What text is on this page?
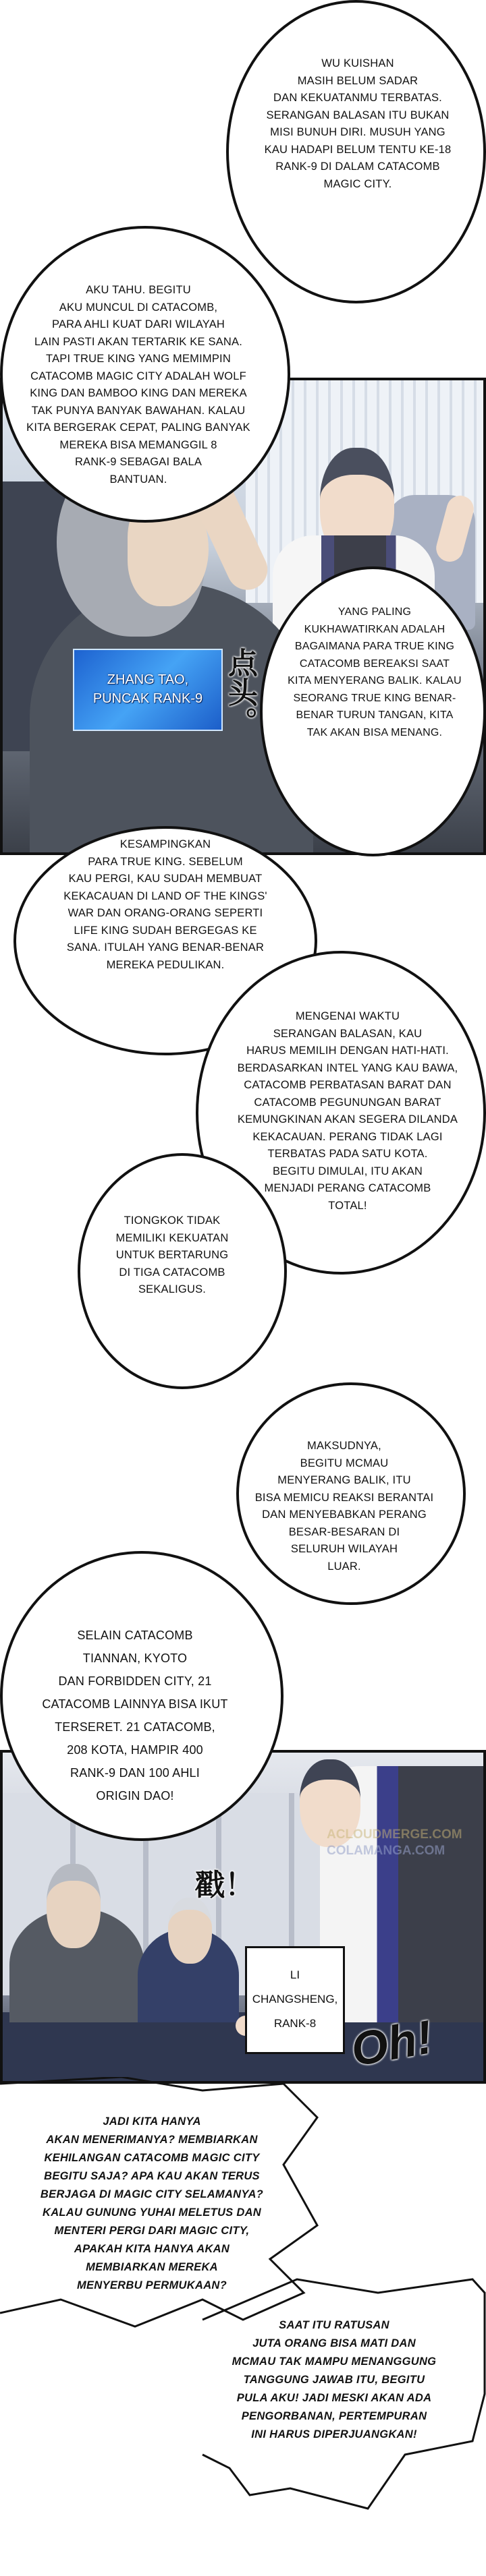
WU KUISHAN
MASIH BELUM SADAR
DAN KEKUATANMU TERBATAS.
SERANGAN BALASAN ITU BUKAN
MISI BUNUH DIRI. MUSUH YANG
KAU HADAPI BELUM TENTU KE-18
RANK-9 DI DALAM CATACOMB
MAGIC CITY.
AKU TAHU. BEGITU
AKU MUNCUL DI CATACOMB,
PARA AHLI KUAT DARI WILAYAH
LAIN PASTI AKAN TERTARIK KE SANA.
TAPI TRUE KING YANG MEMIMPIN
CATACOMB MAGIC CITY ADALAH WOLF
KING DAN BAMBOO KING DAN MEREKA
TAK PUNYA BANYAK BAWAHAN. KALAU
KITA BERGERAK CEPAT, PALING BANYAK
MEREKA BISA MEMANGGIL 8
RANK-9 SEBAGAI BALA
BANTUAN.
ZHANG TAO,
PUNCAK RANK-9 点头。
YANG PALING
KUKHAWATIRKAN ADALAH
BAGAIMANA PARA TRUE KING
CATACOMB BEREAKSI SAAT
KITA MENYERANG BALIK. KALAU
SEORANG TRUE KING BENAR-
BENAR TURUN TANGAN, KITA
TAK AKAN BISA MENANG.
KESAMPINGKAN
PARA TRUE KING. SEBELUM
KAU PERGI, KAU SUDAH MEMBUAT
KEKACAUAN DI LAND OF THE KINGS'
WAR DAN ORANG-ORANG SEPERTI
LIFE KING SUDAH BERGEGAS KE
SANA. ITULAH YANG BENAR-BENAR
MEREKA PEDULIKAN.
MENGENAI WAKTU
SERANGAN BALASAN, KAU
HARUS MEMILIH DENGAN HATI-HATI.
BERDASARKAN INTEL YANG KAU BAWA,
CATACOMB PERBATASAN BARAT DAN
CATACOMB PEGUNUNGAN BARAT
KEMUNGKINAN AKAN SEGERA DILANDA
KEKACAUAN. PERANG TIDAK LAGI
TERBATAS PADA SATU KOTA.
BEGITU DIMULAI, ITU AKAN
MENJADI PERANG CATACOMB
TOTAL!
TIONGKOK TIDAK
MEMILIKI KEKUATAN
UNTUK BERTARUNG
DI TIGA CATACOMB
SEKALIGUS.
MAKSUDNYA,
BEGITU MCMAU
MENYERANG BALIK, ITU
BISA MEMICU REAKSI BERANTAI
DAN MENYEBABKAN PERANG
BESAR-BESARAN DI
SELURUH WILAYAH
LUAR.
ACLOUDMERGE.COM
COLAMANGA.COM
戳！
LI
CHANGSHENG,
RANK-8
SELAIN CATACOMB
TIANNAN, KYOTO
DAN FORBIDDEN CITY, 21
CATACOMB LAINNYA BISA IKUT
TERSERET. 21 CATACOMB,
208 KOTA, HAMPIR 400
RANK-9 DAN 100 AHLI
ORIGIN DAO!
Oh!
JADI KITA HANYA
AKAN MENERIMANYA? MEMBIARKAN
KEHILANGAN CATACOMB MAGIC CITY
BEGITU SAJA? APA KAU AKAN TERUS
BERJAGA DI MAGIC CITY SELAMANYA?
KALAU GUNUNG YUHAI MELETUS DAN
MENTERI PERGI DARI MAGIC CITY,
APAKAH KITA HANYA AKAN
MEMBIARKAN MEREKA
MENYERBU PERMUKAAN?
SAAT ITU RATUSAN
JUTA ORANG BISA MATI DAN
MCMAU TAK MAMPU MENANGGUNG
TANGGUNG JAWAB ITU, BEGITU
PULA AKU! JADI MESKI AKAN ADA
PENGORBANAN, PERTEMPURAN
INI HARUS DIPERJUANGKAN!
